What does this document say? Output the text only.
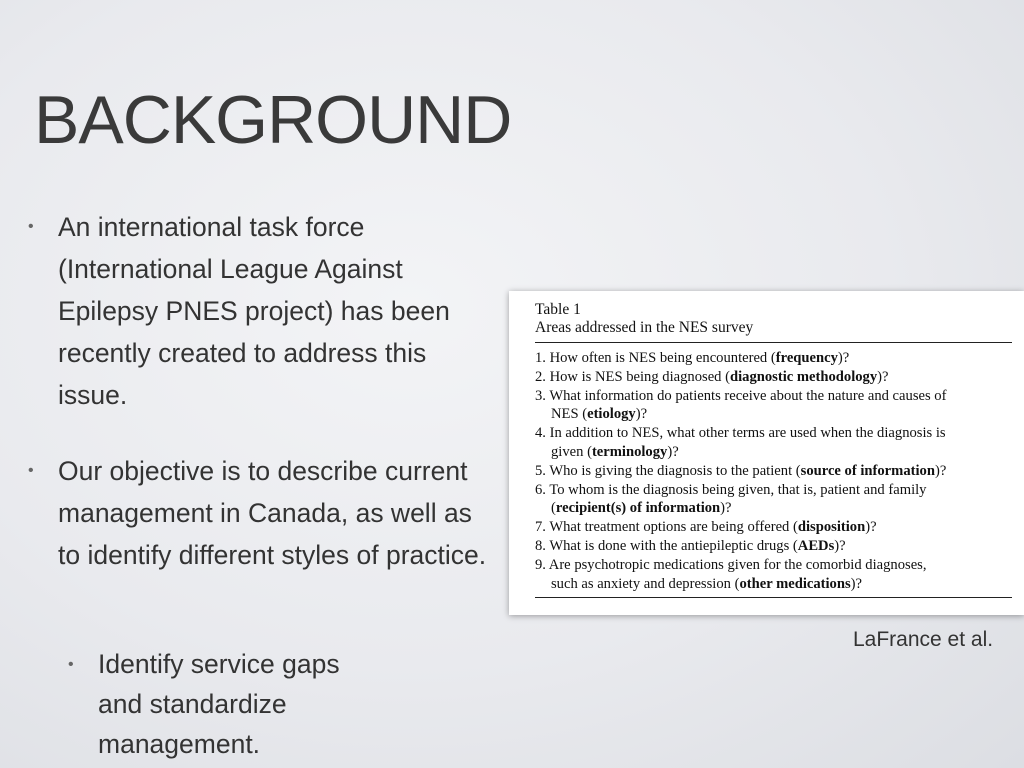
BACKGROUND
• An international task force (International League Against Epilepsy PNES project) has been recently created to address this issue.
• Our objective is to describe current management in Canada, as well as to identify different styles of practice.
• Identify service gaps and standardize management.
Table 1
Areas addressed in the NES survey
1. How often is NES being encountered (frequency)?
2. How is NES being diagnosed (diagnostic methodology)?
3. What information do patients receive about the nature and causes of
NES (etiology)?
4. In addition to NES, what other terms are used when the diagnosis is
given (terminology)?
5. Who is giving the diagnosis to the patient (source of information)?
6. To whom is the diagnosis being given, that is, patient and family
(recipient(s) of information)?
7. What treatment options are being offered (disposition)?
8. What is done with the antiepileptic drugs (AEDs)?
9. Are psychotropic medications given for the comorbid diagnoses,
such as anxiety and depression (other medications)?
LaFrance et al.
